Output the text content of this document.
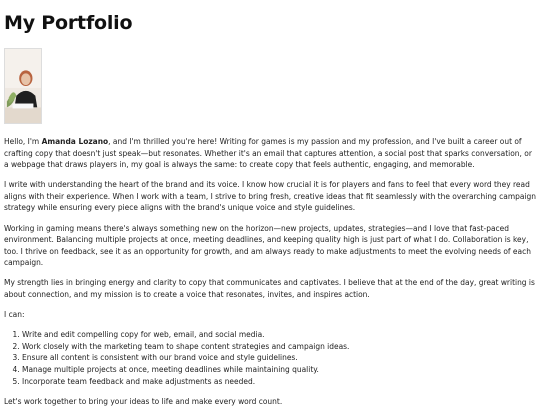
My Portfolio

Hello, I'm Amanda Lozano, and I'm thrilled you're here! Writing for games is my passion and my profession, and I've built a career out of crafting copy that doesn't just speak—but resonates. Whether it's an email that captures attention, a social post that sparks conversation, or a webpage that draws players in, my goal is always the same: to create copy that feels authentic, engaging, and memorable.

I write with understanding the heart of the brand and its voice. I know how crucial it is for players and fans to feel that every word they read aligns with their experience. When I work with a team, I strive to bring fresh, creative ideas that fit seamlessly with the overarching campaign strategy while ensuring every piece aligns with the brand's unique voice and style guidelines.

Working in gaming means there's always something new on the horizon—new projects, updates, strategies—and I love that fast-paced environment. Balancing multiple projects at once, meeting deadlines, and keeping quality high is just part of what I do. Collaboration is key, too. I thrive on feedback, see it as an opportunity for growth, and am always ready to make adjustments to meet the evolving needs of each campaign.

My strength lies in bringing energy and clarity to copy that communicates and captivates. I believe that at the end of the day, great writing is about connection, and my mission is to create a voice that resonates, invites, and inspires action.

I can:

1. Write and edit compelling copy for web, email, and social media.
2. Work closely with the marketing team to shape content strategies and campaign ideas.
3. Ensure all content is consistent with our brand voice and style guidelines.
4. Manage multiple projects at once, meeting deadlines while maintaining quality.
5. Incorporate team feedback and make adjustments as needed.

Let's work together to bring your ideas to life and make every word count.
